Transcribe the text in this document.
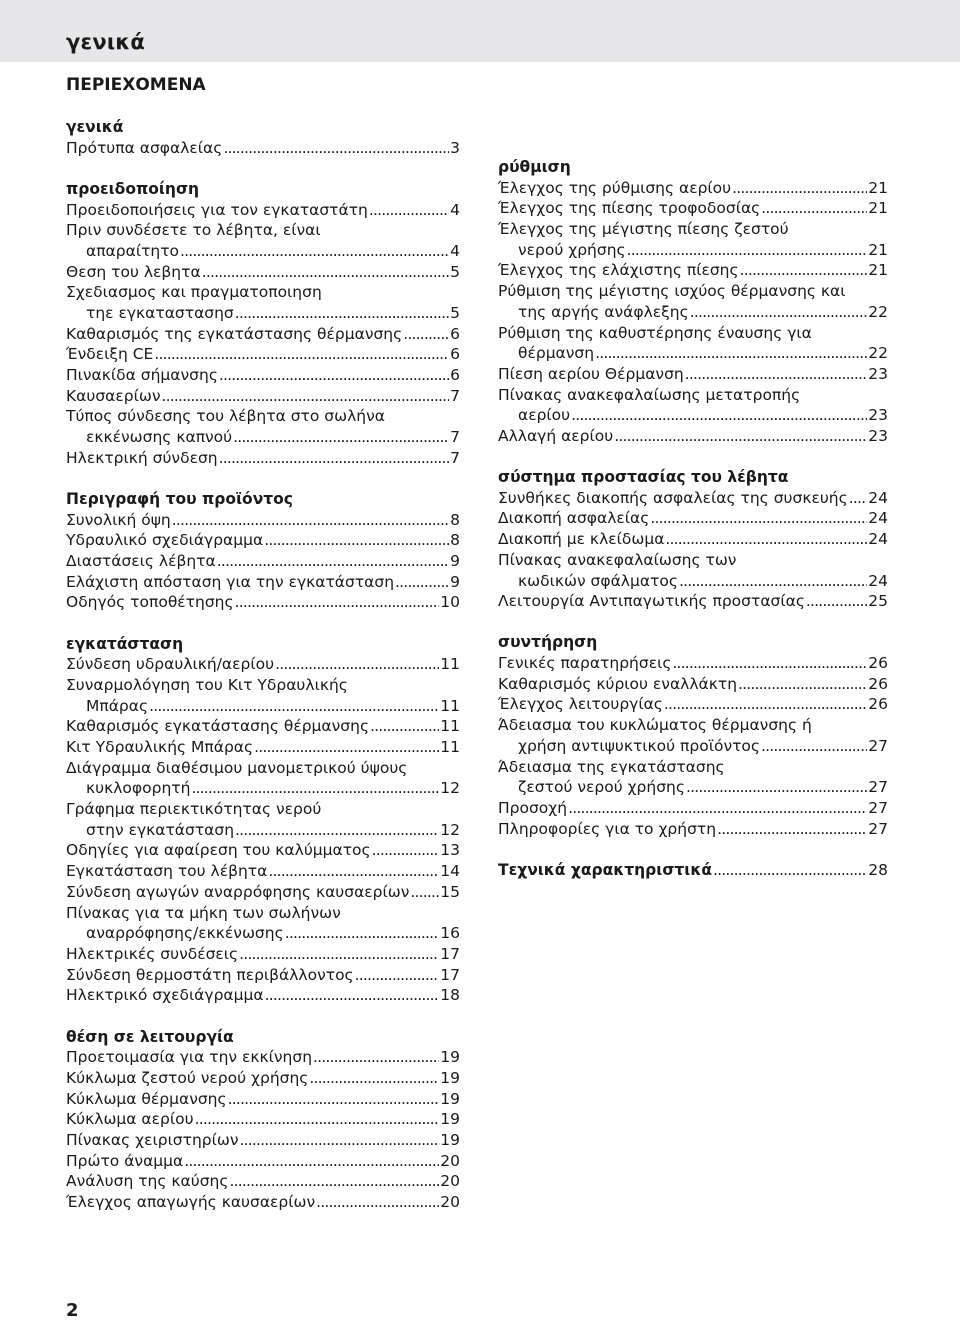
γενικά
ΠΕΡΙΕΧΟΜΕΝΑ
γενικά
Πρότυπα ασφαλείας .....	3
προειδοποίηση
Προειδοποιήσεις για τον εγκαταστάτη .....	4
Πριν συνδέσετε το λέβητα, είναι
απαραίτητο .....	4
Θεση του λεβητα .....	5
Σχεδιασμος και πραγματοποιηση
τηε εγκαταστασησ .....	5
Καθαρισμός της εγκατάστασης θέρμανσης .....	6
Ένδειξη CE .....	6
Πινακίδα σήμανσης .....	6
Καυσαερίων .....	7
Τύπος σύνδεσης του λέβητα στο σωλήνα
εκκένωσης καπνού .....	7
Ηλεκτρική σύνδεση .....	7
Περιγραφή του προϊόντος
Συνολική όψη .....	8
Υδραυλικό σχεδιάγραμμα .....	8
Διαστάσεις λέβητα .....	9
Ελάχιστη απόσταση για την εγκατάσταση .....	9
Οδηγός τοποθέτησης .....	10
εγκατάσταση
Σύνδεση υδραυλική/αερίου .....	11
Συναρμολόγηση του Κιτ Υδραυλικής
Μπάρας .....	11
Καθαρισμός εγκατάστασης θέρμανσης .....	11
Κιτ Υδραυλικής Μπάρας .....	11
Διάγραμμα διαθέσιμου μανομετρικού ύψους
κυκλοφορητή .....	12
Γράφημα περιεκτικότητας νερού
στην εγκατάσταση .....	12
Οδηγίες για αφαίρεση του καλύμματος .....	13
Εγκατάσταση του λέβητα .....	14
Σύνδεση αγωγών αναρρόφησης καυσαερίων ..... 15
Πίνακας για τα μήκη των σωλήνων
αναρρόφησης/εκκένωσης .....	16
Ηλεκτρικές συνδέσεις .....	17
Σύνδεση θερμοστάτη περιβάλλοντος .....	17
Ηλεκτρικό σχεδιάγραμμα .....	18
θέση σε λειτουργία
Προετοιμασία για την εκκίνηση .....	19
Κύκλωμα ζεστού νερού χρήσης .....	19
Κύκλωμα θέρμανσης .....	19
Κύκλωμα αερίου .....	19
Πίνακας χειριστηρίων .....	19
Πρώτο άναμμα .....	20
Ανάλυση της καύσης .....	20
Έλεγχος απαγωγής καυσαερίων .....	20
ρύθμιση
Έλεγχος της ρύθμισης αερίου .....	21
Έλεγχος της πίεσης τροφοδοσίας .....	21
Έλεγχος της μέγιστης πίεσης ζεστού
νερού χρήσης .....	21
Έλεγχος της ελάχιστης πίεσης .....	21
Ρύθμιση της μέγιστης ισχύος θέρμανσης και
της αργής ανάφλεξης .....	22
Ρύθμιση της καθυστέρησης έναυσης για
θέρμανση .....	22
Πίεση αερίου Θέρμανση .....	23
Πίνακας ανακεφαλαίωσης μετατροπής
αερίου .....	23
Αλλαγή αερίου .....	23
σύστημα προστασίας του λέβητα
Συνθήκες διακοπής ασφαλείας της συσκευής ..... 24
Διακοπή ασφαλείας .....	24
Διακοπή με κλείδωμα .....	24
Πίνακας ανακεφαλαίωσης των
κωδικών σφάλματος .....	24
Λειτουργία Αντιπαγωτικής προστασίας .....	25
συντήρηση
Γενικές παρατηρήσεις .....	26
Καθαρισμός κύριου εναλλάκτη .....	26
Έλεγχος λειτουργίας .....	26
Άδειασμα του κυκλώματος θέρμανσης ή
χρήση αντιψυκτικού προϊόντος .....	27
Άδειασμα της εγκατάστασης
ζεστού νερού χρήσης .....	27
Προσοχή .....	27
Πληροφορίες για το χρήστη .....	27
Τεχνικά χαρακτηριστικά .....	28
2
